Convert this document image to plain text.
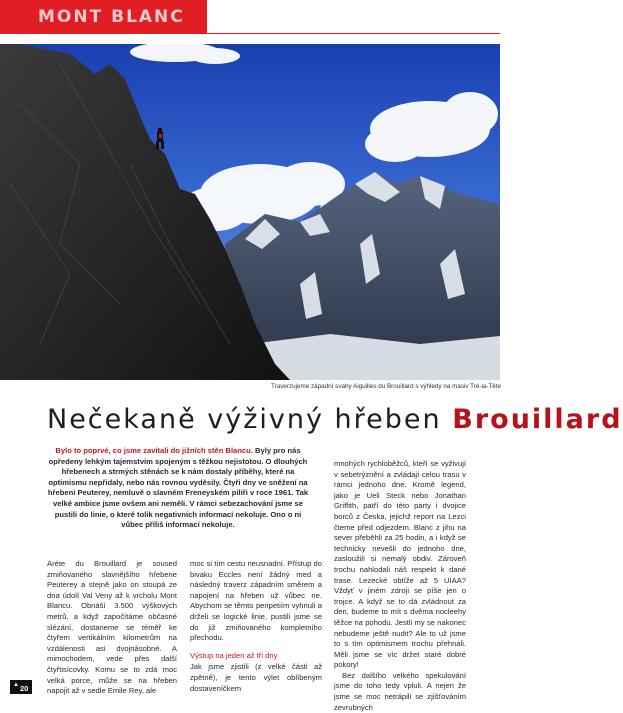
MONT BLANC
Traverzujeme západní svahy Aiguilles du Brouillard s výhledy na masiv Trè-la-Tête
Nečekaně výživný hřeben Brouillard
Bylo to poprvé, co jsme zavítali do jižních stěn Blancu. Byly pro nás opředeny lehkým tajemstvím spojeným s těžkou nejistotou. O dlouhých hřebenech a strmých stěnách se k nám dostaly příběhy, které na optimismu nepřidaly, nebo nás rovnou vyděsily. Čtyři dny ve sněžení na hřebeni Peuterey, nemluvě o slavném Freneyském pilíři v roce 1961. Tak velké ambice jsme ovšem ani neměli. V rámci sebezachování jsme se pustili do linie, o které tolik negativních informací nekoluje. Ono o ni vůbec příliš informací nekoluje.

Aréte du Brouillard je soused zmiňovaného slavnějšího hřebene Peuterey a stejně jako on stoupá ze dna údolí Val Veny až k vrcholu Mont Blancu. Obnáší 3.500 výškových metrů, a když započítáme občasné slézání, dostaneme se téměř ke čtyřem vertikálním kilometrům na vzdálenosti asi dvojnásobné. A mimochodem, vede přes další čtyřtisícovky. Komu se to zdá moc velká porce, může se na hřeben napojit až v sedle Emile Rey, ale

moc si tím cestu neusnadní. Přístup do bivaku Eccles není žádný med a následný traverz západním směrem a napojení na hřeben už vůbec ne. Abychom se těmto peripetiím vyhnuli a drželi se logické linie, pustili jsme se do již zmiňovaného kompletního přechodu.

Výstup na jeden až tři dny

Jak jsme zjistili (z velké části až zpětně), je tento výlet oblíbeným dostaveníčkem

mnohých rychloběžců, kteří se vyživují v sebetrýznění a zvládají celou trasu v rámci jednoho dne. Kromě legend, jako je Ueli Steck nebo Jonathan Griffith, patří do této party i dvojice borců z Česka, jejichž report na Lezci čteme před odjezdem. Blanc z jihu na sever přeběhli za 25 hodin, a i když se technicky nevešli do jednoho dne, zasloužili si nemalý obdiv. Zároveň trochu nahlodali náš respekt k dané trase. Lezecké obtíže až 5 UIAA? Vždyť v jiném zdroji se píše jen o trojce. A když se to dá zvládnout za den, budeme to mít s dvěma nocleehy těžce na pohodu. Jestli my se nakonec nebudeme ještě nudit? Ale to už jsme to s tím optimismem trochu přehnali. Měli jsme se víc držet staré dobré pokory!

Bez dalšího velkého spekulování jsme do toho tedy vpluli. A nejen že jsme se moc netrápili se zjišťováním zevrubných

▲ 20
